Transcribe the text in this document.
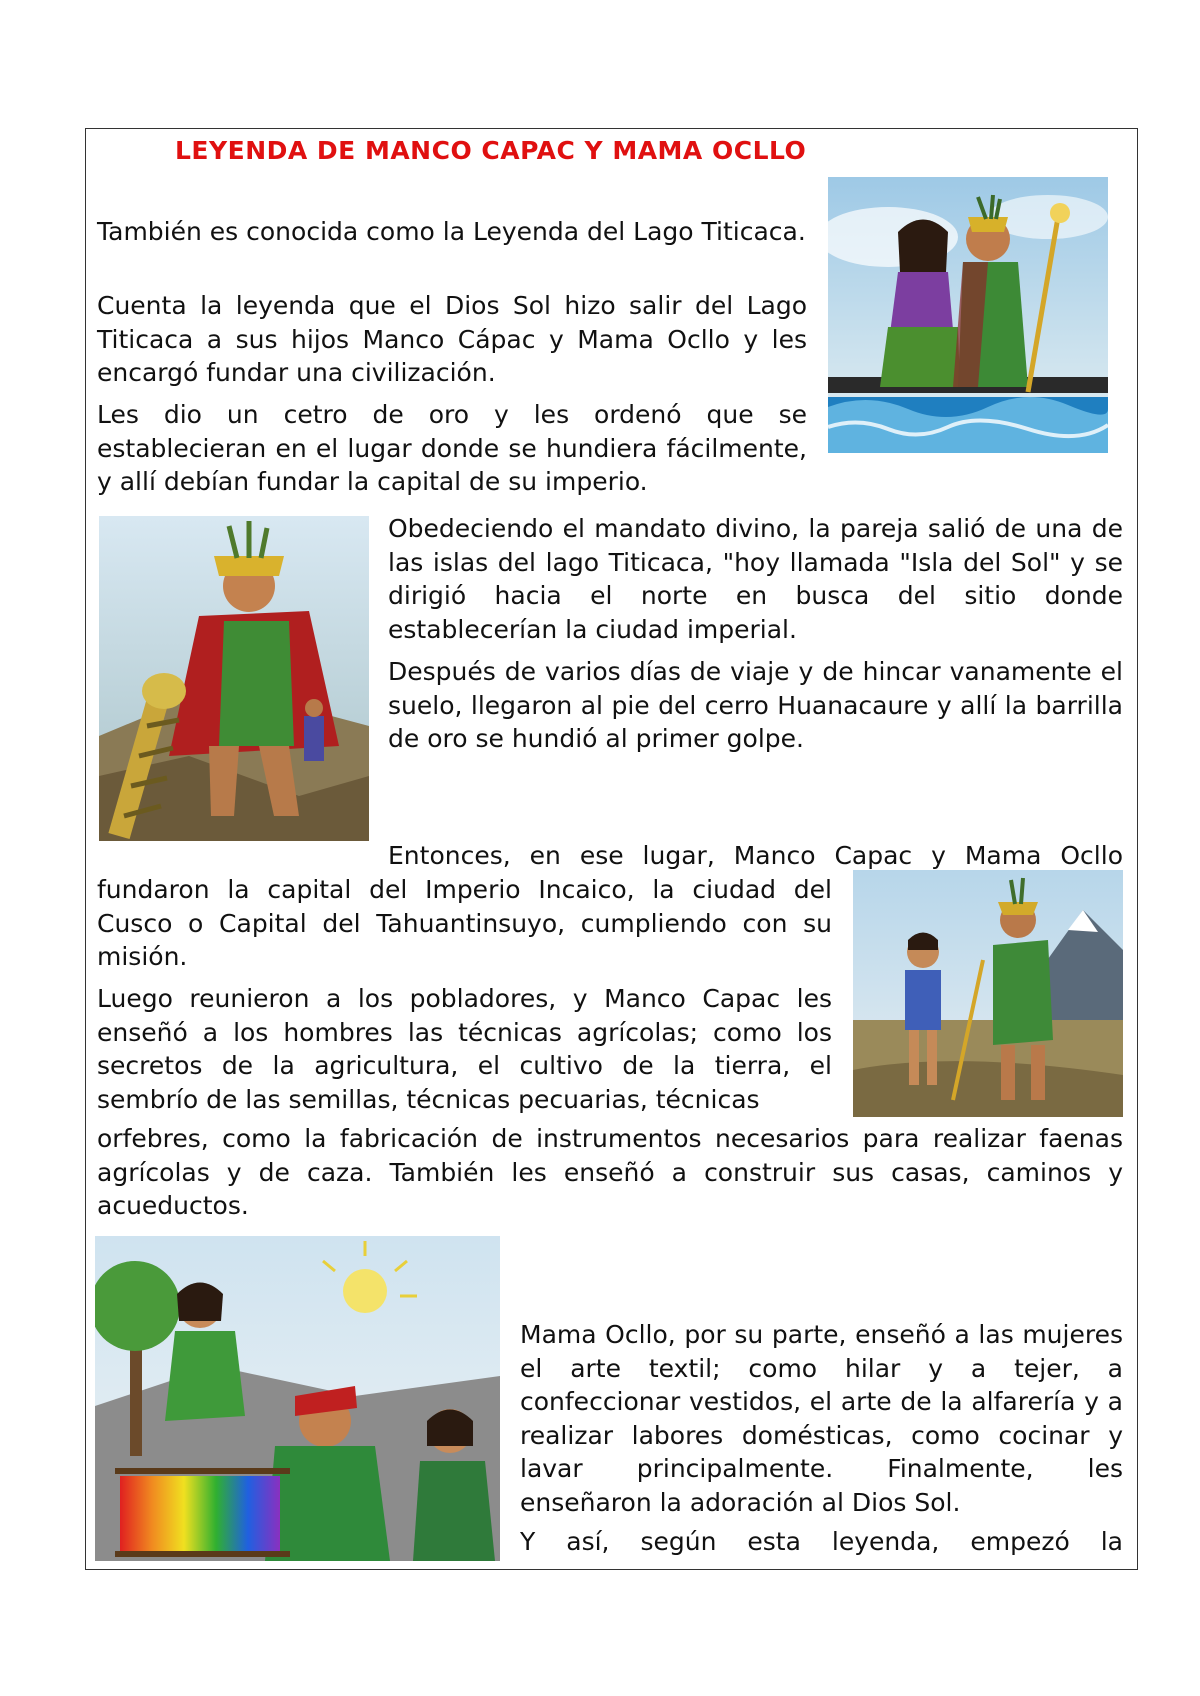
LEYENDA DE MANCO CAPAC Y MAMA OCLLO
También es conocida como la Leyenda del Lago Titicaca.
Cuenta la leyenda que el Dios Sol hizo salir del Lago Titicaca a sus hijos Manco Cápac y Mama Ocllo y les encargó fundar una civilización.
Les dio un cetro de oro y les ordenó que se establecieran en el lugar donde se hundiera fácilmente, y allí debían fundar la capital de su imperio.
Obedeciendo el mandato divino, la pareja salió de una de las islas del lago Titicaca, "hoy llamada "Isla del Sol" y se dirigió hacia el norte en busca del sitio donde establecerían la ciudad imperial.
Después de varios días de viaje y de hincar vanamente el suelo, llegaron al pie del cerro Huanacaure y allí la barrilla de oro se hundió al primer golpe.
Entonces, en ese lugar, Manco Capac y Mama Ocllo
fundaron la capital del Imperio Incaico, la ciudad del Cusco o Capital del Tahuantinsuyo, cumpliendo con su misión.
Luego reunieron a los pobladores, y Manco Capac les enseñó a los hombres las técnicas agrícolas; como los secretos de la agricultura, el cultivo de la tierra, el sembrío de las semillas, técnicas pecuarias, técnicas
orfebres, como la fabricación de instrumentos necesarios para realizar faenas agrícolas y de caza. También les enseñó a construir sus casas, caminos y acueductos.
Mama Ocllo, por su parte, enseñó a las mujeres el arte textil; como hilar y a tejer, a confeccionar vestidos, el arte de la alfarería y a realizar labores domésticas, como cocinar y lavar principalmente. Finalmente, les enseñaron la adoración al Dios Sol.
Y así, según esta leyenda, empezó la
